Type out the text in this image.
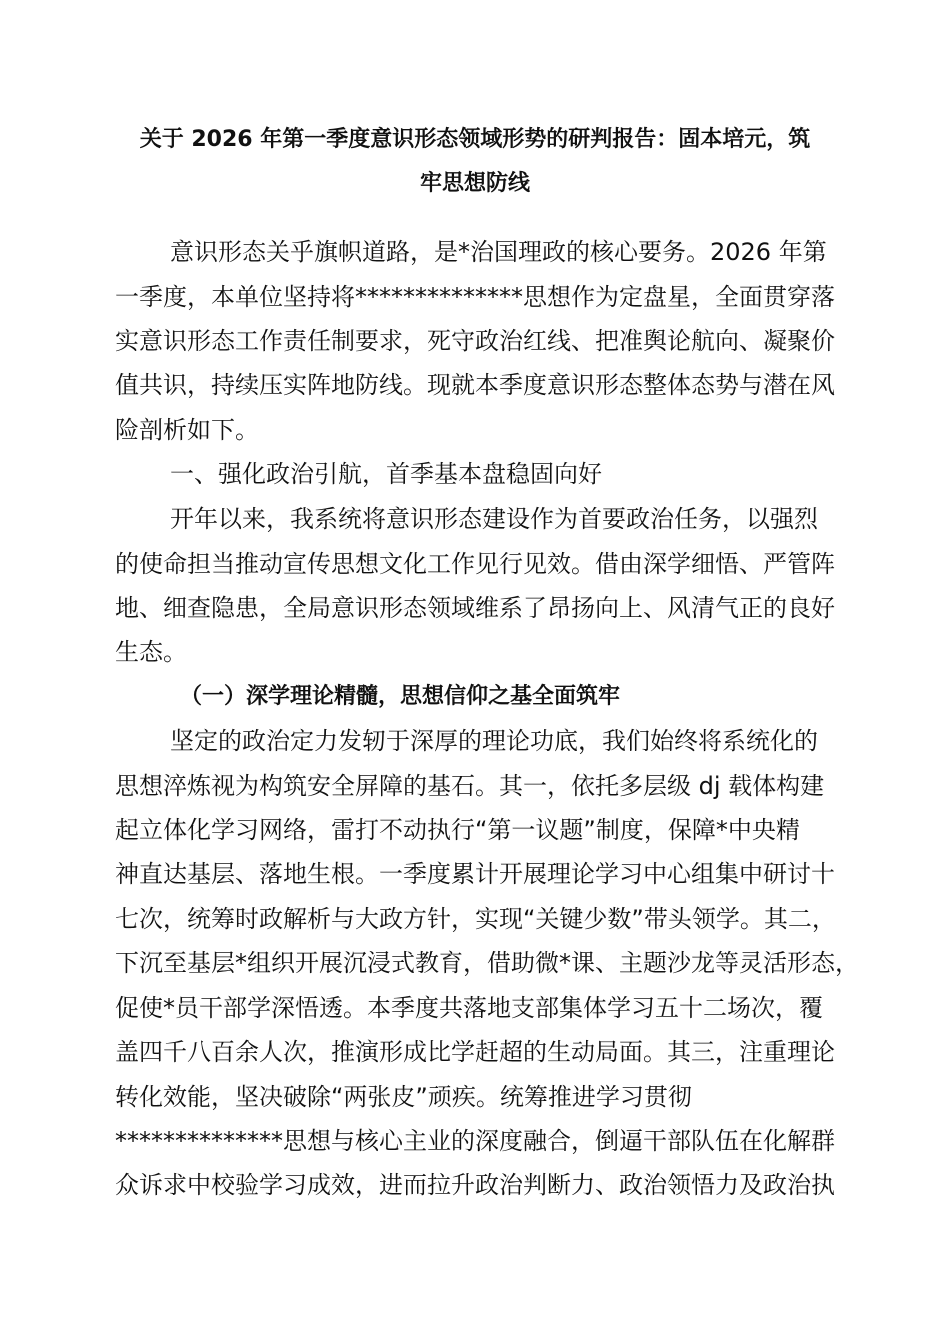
关于 2026 年第一季度意识形态领域形势的研判报告：固本培元，筑
牢思想防线
意识形态关乎旗帜道路，是*治国理政的核心要务。2026 年第
一季度，本单位坚持将**************思想作为定盘星，全面贯穿落
实意识形态工作责任制要求，死守政治红线、把准舆论航向、凝聚价
值共识，持续压实阵地防线。现就本季度意识形态整体态势与潜在风
险剖析如下。
一、强化政治引航，首季基本盘稳固向好
开年以来，我系统将意识形态建设作为首要政治任务，以强烈
的使命担当推动宣传思想文化工作见行见效。借由深学细悟、严管阵
地、细查隐患，全局意识形态领域维系了昂扬向上、风清气正的良好
生态。
（一）深学理论精髓，思想信仰之基全面筑牢
坚定的政治定力发轫于深厚的理论功底，我们始终将系统化的
思想淬炼视为构筑安全屏障的基石。其一，依托多层级 dj 载体构建
起立体化学习网络，雷打不动执行“第一议题”制度，保障*中央精
神直达基层、落地生根。一季度累计开展理论学习中心组集中研讨十
七次，统筹时政解析与大政方针，实现“关键少数”带头领学。其二，
下沉至基层*组织开展沉浸式教育，借助微*课、主题沙龙等灵活形态，
促使*员干部学深悟透。本季度共落地支部集体学习五十二场次，覆
盖四千八百余人次，推演形成比学赶超的生动局面。其三，注重理论
转化效能，坚决破除“两张皮”顽疾。统筹推进学习贯彻
**************思想与核心主业的深度融合，倒逼干部队伍在化解群
众诉求中校验学习成效，进而拉升政治判断力、政治领悟力及政治执
